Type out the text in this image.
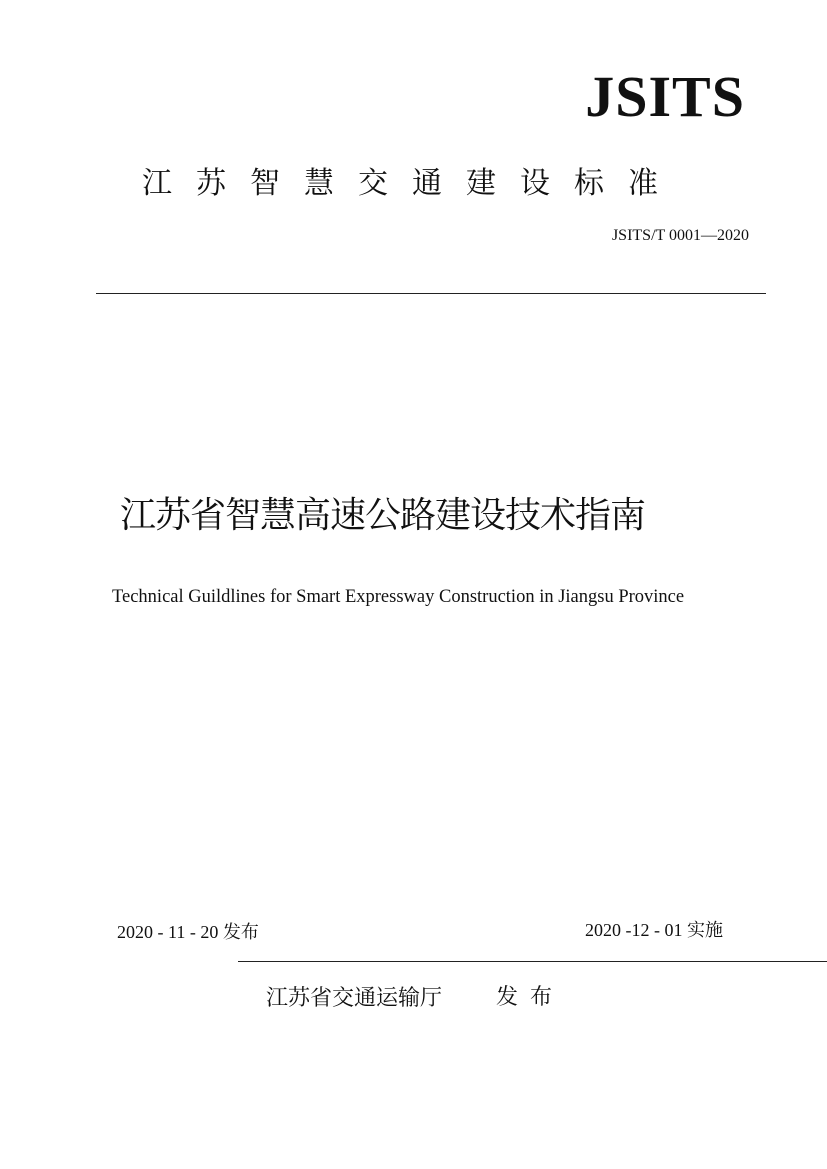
JSITS
江苏智慧交通建设标准
JSITS/T 0001—2020
江苏省智慧高速公路建设技术指南
Technical Guildlines for Smart Expressway Construction in Jiangsu Province
2020 - 11 - 20 发布	2020 -12 - 01 实施
江苏省交通运输厅 发布
